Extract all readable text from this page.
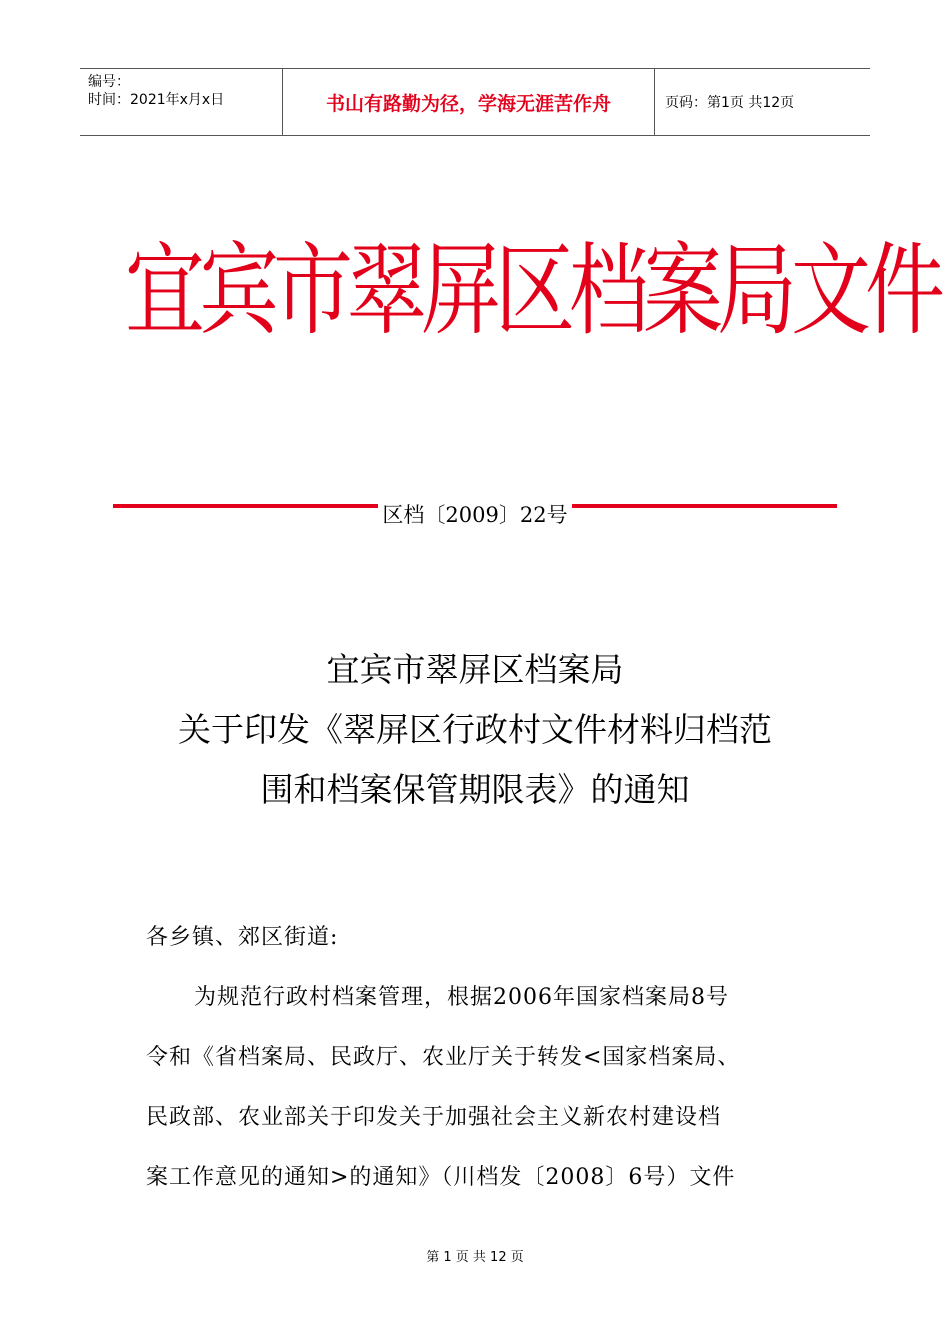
编号：
时间：2021年x月x日	书山有路勤为径，学海无涯苦作舟	页码：第1页 共12页
宜宾市翠屏区档案局文件
区档〔2009〕22号
宜宾市翠屏区档案局
关于印发《翠屏区行政村文件材料归档范
围和档案保管期限表》的通知
各乡镇、郊区街道:
为规范行政村档案管理，根据2006年国家档案局8号
令和《省档案局、民政厅、农业厅关于转发<国家档案局、
民政部、农业部关于印发关于加强社会主义新农村建设档
案工作意见的通知>的通知》（川档发〔2008〕6号）文件
第 1 页 共 12 页
